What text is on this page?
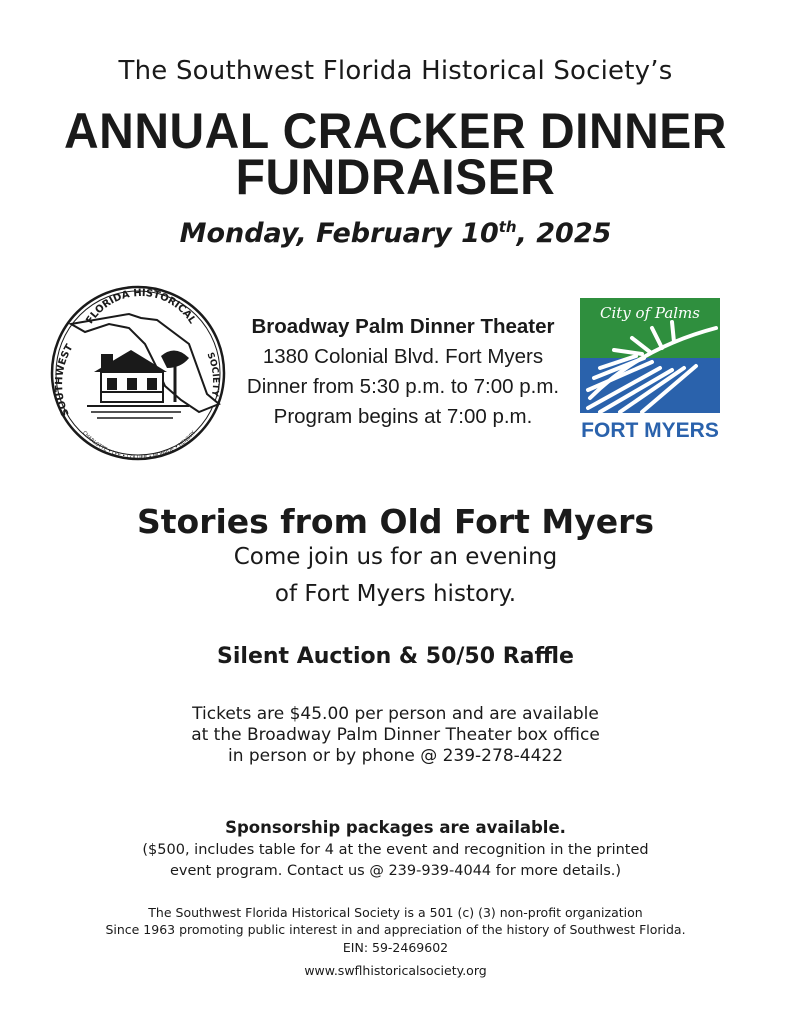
The Southwest Florida Historical Society’s
ANNUAL CRACKER DINNER
FUNDRAISER
Monday, February 10th, 2025
FLORIDA HISTORICAL
SOUTHWEST
SOCIETY
CHARLOTTE • LEE • COLLIER • MONROE • HENDRY
Broadway Palm Dinner Theater
1380 Colonial Blvd. Fort Myers
Dinner from 5:30 p.m. to 7:00 p.m.
Program begins at 7:00 p.m.
City of Palms
FORT MYERS
Stories from Old Fort Myers
Come join us for an evening
of Fort Myers history.
Silent Auction & 50/50 Raffle
Tickets are $45.00 per person and are available
at the Broadway Palm Dinner Theater box office
in person or by phone @ 239-278-4422
Sponsorship packages are available.
($500, includes table for 4 at the event and recognition in the printed
event program. Contact us @ 239-939-4044 for more details.)
The Southwest Florida Historical Society is a 501 (c) (3) non-profit organization
Since 1963 promoting public interest in and appreciation of the history of Southwest Florida.
EIN: 59-2469602
www.swflhistoricalsociety.org
